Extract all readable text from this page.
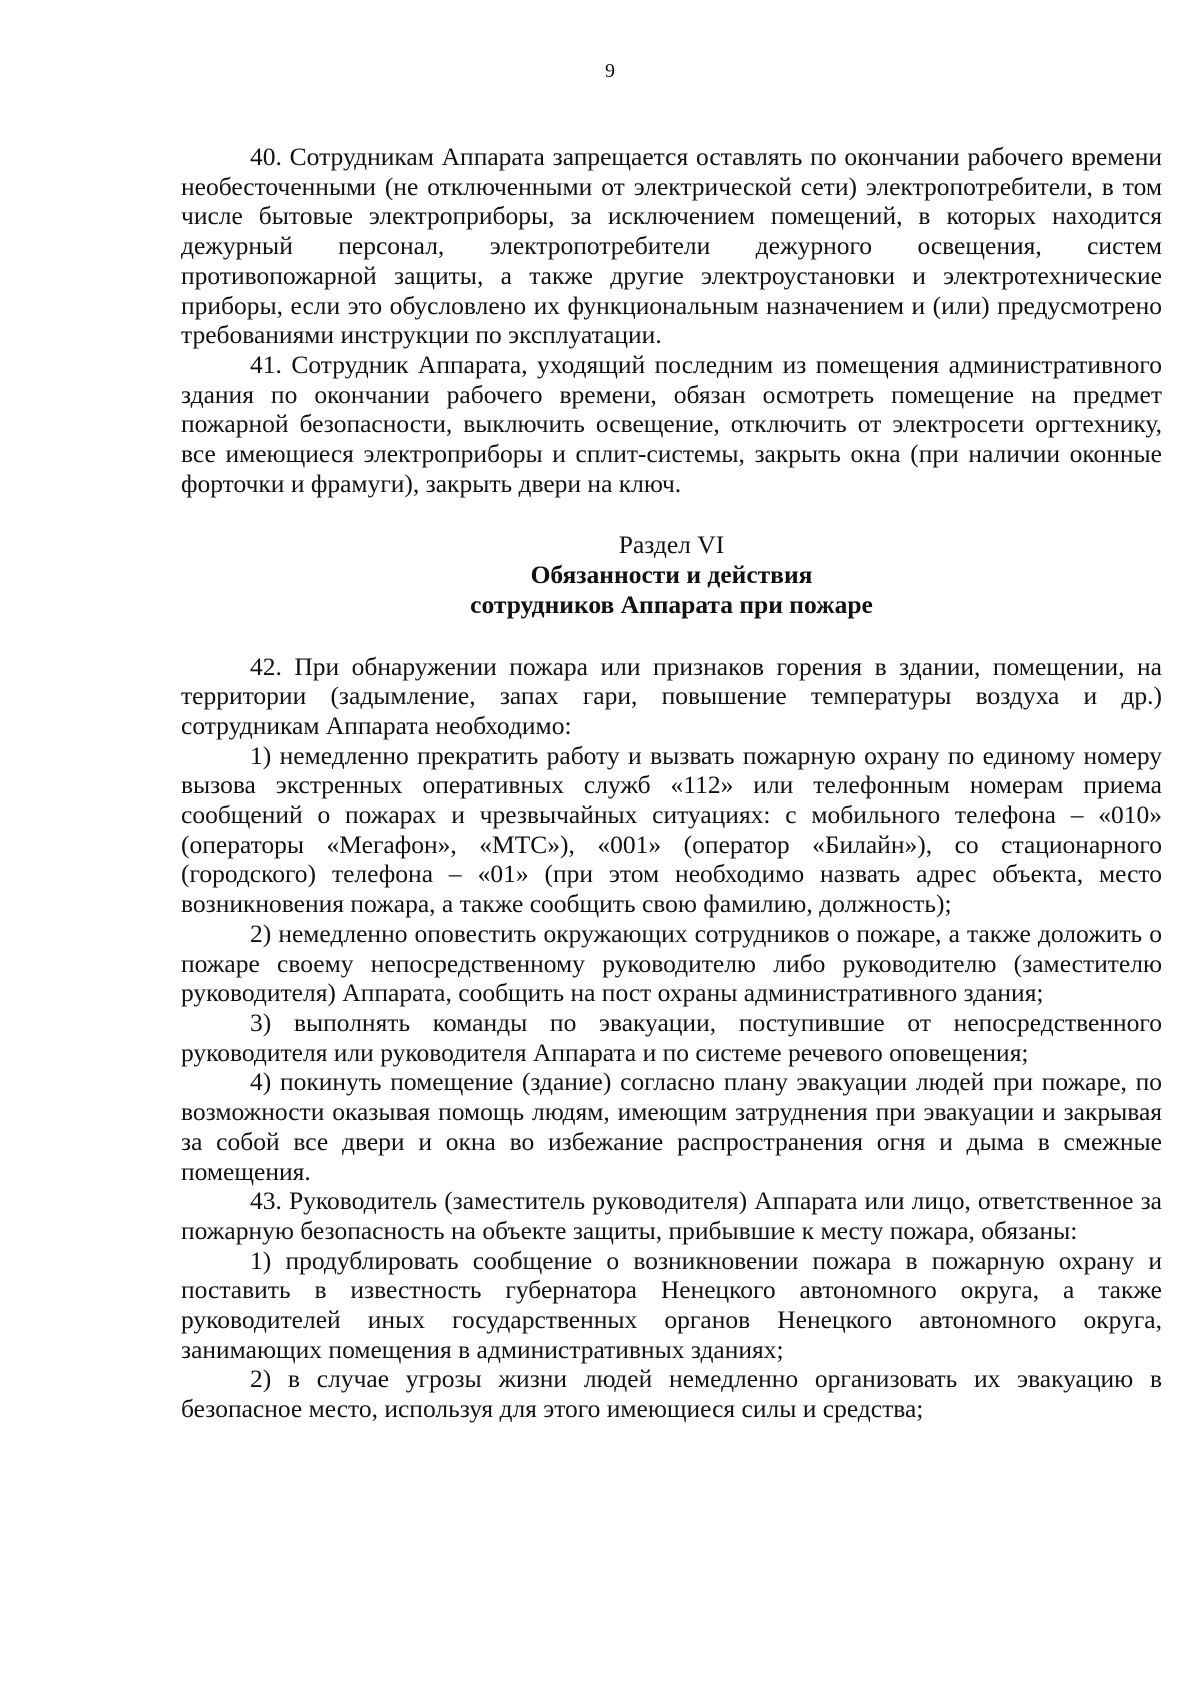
9

40. Сотрудникам Аппарата запрещается оставлять по окончании рабочего времени необесточенными (не отключенными от электрической сети) электропотребители, в том числе бытовые электроприборы, за исключением помещений, в которых находится дежурный персонал, электропотребители дежурного освещения, систем противопожарной защиты, а также другие электроустановки и электротехнические приборы, если это обусловлено их функциональным назначением и (или) предусмотрено требованиями инструкции по эксплуатации.

41. Сотрудник Аппарата, уходящий последним из помещения административного здания по окончании рабочего времени, обязан осмотреть помещение на предмет пожарной безопасности, выключить освещение, отключить от электросети оргтехнику, все имеющиеся электроприборы и сплит-системы, закрыть окна (при наличии оконные форточки и фрамуги), закрыть двери на ключ.

Раздел VI
Обязанности и действия
сотрудников Аппарата при пожаре

42. При обнаружении пожара или признаков горения в здании, помещении, на территории (задымление, запах гари, повышение температуры воздуха и др.) сотрудникам Аппарата необходимо:

1) немедленно прекратить работу и вызвать пожарную охрану по единому номеру вызова экстренных оперативных служб «112» или телефонным номерам приема сообщений о пожарах и чрезвычайных ситуациях: с мобильного телефона – «010» (операторы «Мегафон», «МТС»), «001» (оператор «Билайн»), со стационарного (городского) телефона – «01» (при этом необходимо назвать адрес объекта, место возникновения пожара, а также сообщить свою фамилию, должность);

2) немедленно оповестить окружающих сотрудников о пожаре, а также доложить о пожаре своему непосредственному руководителю либо руководителю (заместителю руководителя) Аппарата, сообщить на пост охраны административного здания;

3) выполнять команды по эвакуации, поступившие от непосредственного руководителя или руководителя Аппарата и по системе речевого оповещения;

4) покинуть помещение (здание) согласно плану эвакуации людей при пожаре, по возможности оказывая помощь людям, имеющим затруднения при эвакуации и закрывая за собой все двери и окна во избежание распространения огня и дыма в смежные помещения.

43. Руководитель (заместитель руководителя) Аппарата или лицо, ответственное за пожарную безопасность на объекте защиты, прибывшие к месту пожара, обязаны:

1) продублировать сообщение о возникновении пожара в пожарную охрану и поставить в известность губернатора Ненецкого автономного округа, а также руководителей иных государственных органов Ненецкого автономного округа, занимающих помещения в административных зданиях;

2) в случае угрозы жизни людей немедленно организовать их эвакуацию в безопасное место, используя для этого имеющиеся силы и средства;
